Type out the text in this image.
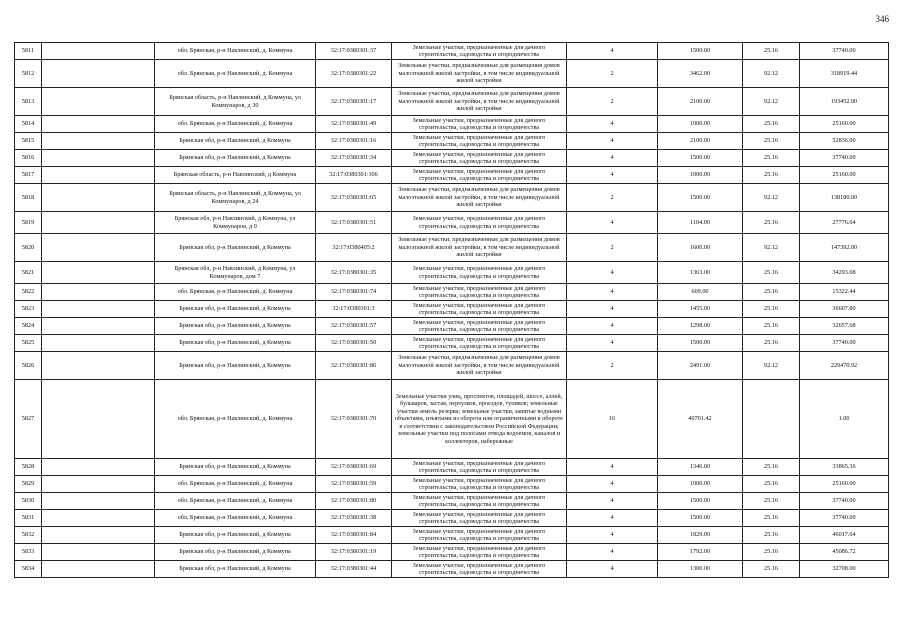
346
5811		обл. Брянская, р-н Навлинский, д. Коммуна	32:17:0380301:37	Земельные участки, предназначенные для дачного строительства, садоводства и огородничества	4	1500.00	25.16	37740.00
5812		обл. Брянская, р-н Навлинский, д. Коммуна	32:17:0380301:22	Земельные участки, предназначенные для размещения домов малоэтажной жилой застройки, в том числе индивидуальной жилой застройки	2	3462.00	92.12	318919.44
5813		Брянская область, р-н Навлинский, д Коммуна, ул Коммунаров, д 30	32:17:0380301:17	Земельные участки, предназначенные для размещения домов малоэтажной жилой застройки, в том числе индивидуальной жилой застройки	2	2100.00	92.12	193452.00
5814		обл. Брянская, р-н Навлинский, д. Коммуна	32:17:0380301:49	Земельные участки, предназначенные для дачного строительства, садоводства и огородничества	4	1000.00	25.16	25160.00
5815		Брянская обл, р-н Навлинский, д Коммуна	32:17:0380301:16	Земельные участки, предназначенные для дачного строительства, садоводства и огородничества	4	2100.00	25.16	52836.00
5816		Брянская обл, р-н Навлинский, д Коммуна	32:17:0380301:34	Земельные участки, предназначенные для дачного строительства, садоводства и огородничества	4	1500.00	25.16	37740.00
5817		Брянская область, р-н Навлинский, д Коммуна	32:17:0380301:106	Земельные участки, предназначенные для дачного строительства, садоводства и огородничества	4	1000.00	25.16	25160.00
5818		Брянская область, р-н Навлинский, д Коммуна, ул Коммунаров, д 24	32:17:0380301:65	Земельные участки, предназначенные для размещения домов малоэтажной жилой застройки, в том числе индивидуальной жилой застройки	2	1500.00	92.12	138180.00
5819		Брянская обл, р-н Навлинский, д Коммуна, ул Коммунаров, д 9	32:17:0380301:51	Земельные участки, предназначенные для дачного строительства, садоводства и огородничества	4	1104.00	25.16	27776.64
5820		Брянская обл, р-н Навлинский, д Коммуна	32:17:0380405:2	Земельные участки, предназначенные для размещения домов малоэтажной жилой застройки, в том числе индивидуальной жилой застройки	2	1600.00	92.12	147392.00
5821		Брянская обл, р-н Навлинский, д Коммуна, ул Коммунаров, дом 7	32:17:0380301:35	Земельные участки, предназначенные для дачного строительства, садоводства и огородничества	4	1363.00	25.16	34293.08
5822		обл. Брянская, р-н Навлинский, д. Коммуна	32:17:0380301:74	Земельные участки, предназначенные для дачного строительства, садоводства и огородничества	4	609.00	25.16	15322.44
5823		Брянская обл, р-н Навлинский, д Коммуна	32:17:0380301:3	Земельные участки, предназначенные для дачного строительства, садоводства и огородничества	4	1455.00	25.16	36607.80
5824		Брянская обл, р-н Навлинский, д Коммуна	32:17:0380301:57	Земельные участки, предназначенные для дачного строительства, садоводства и огородничества	4	1298.00	25.16	32657.68
5825		Брянская обл, р-н Навлинский, д Коммуна	32:17:0380301:50	Земельные участки, предназначенные для дачного строительства, садоводства и огородничества	4	1500.00	25.16	37740.00
5826		Брянская обл, р-н Навлинский, д Коммуна	32:17:0380301:86	Земельные участки, предназначенные для размещения домов малоэтажной жилой застройки, в том числе индивидуальной жилой застройки	2	2491.00	92.12	229470.92
5827		обл. Брянская, р-н Навлинский, д. Коммуна	32:17:0380301:70	Земельные участки улиц, проспектов, площадей, шоссе, аллей, бульваров, застав, переулков, проездов, тупиков; земельные участки земель резерва; земельные участки, занятые водными объектами, изъятыми из оборота или ограниченными в обороте в соответствии с законодательством Российской Федерации; земельные участки под полосами отвода водоемов, каналов и коллекторов, набережные	16	40701.42		1.00
5828		Брянская обл, р-н Навлинский, д Коммуна	32:17:0380301:69	Земельные участки, предназначенные для дачного строительства, садоводства и огородничества	4	1346.00	25.16	33865.36
5829		обл. Брянская, р-н Навлинский, д. Коммуна	32:17:0380301:59	Земельные участки, предназначенные для дачного строительства, садоводства и огородничества	4	1000.00	25.16	25160.00
5830		обл. Брянская, р-н Навлинский, д. Коммуна	32:17:0380301:80	Земельные участки, предназначенные для дачного строительства, садоводства и огородничества	4	1500.00	25.16	37740.00
5831		обл. Брянская, р-н Навлинский, д. Коммуна	32:17:0380301:38	Земельные участки, предназначенные для дачного строительства, садоводства и огородничества	4	1500.00	25.16	37740.00
5832		Брянская обл, р-н Навлинский, д Коммуна	32:17:0380301:84	Земельные участки, предназначенные для дачного строительства, садоводства и огородничества	4	1829.00	25.16	46017.64
5833		Брянская обл, р-н Навлинский, д Коммуна	32:17:0380301:19	Земельные участки, предназначенные для дачного строительства, садоводства и огородничества	4	1792.00	25.16	45086.72
5834		Брянская обл, р-н Навлинский, д Коммуна	32:17:0380301:44	Земельные участки, предназначенные для дачного строительства, садоводства и огородничества	4	1300.00	25.16	32708.00
